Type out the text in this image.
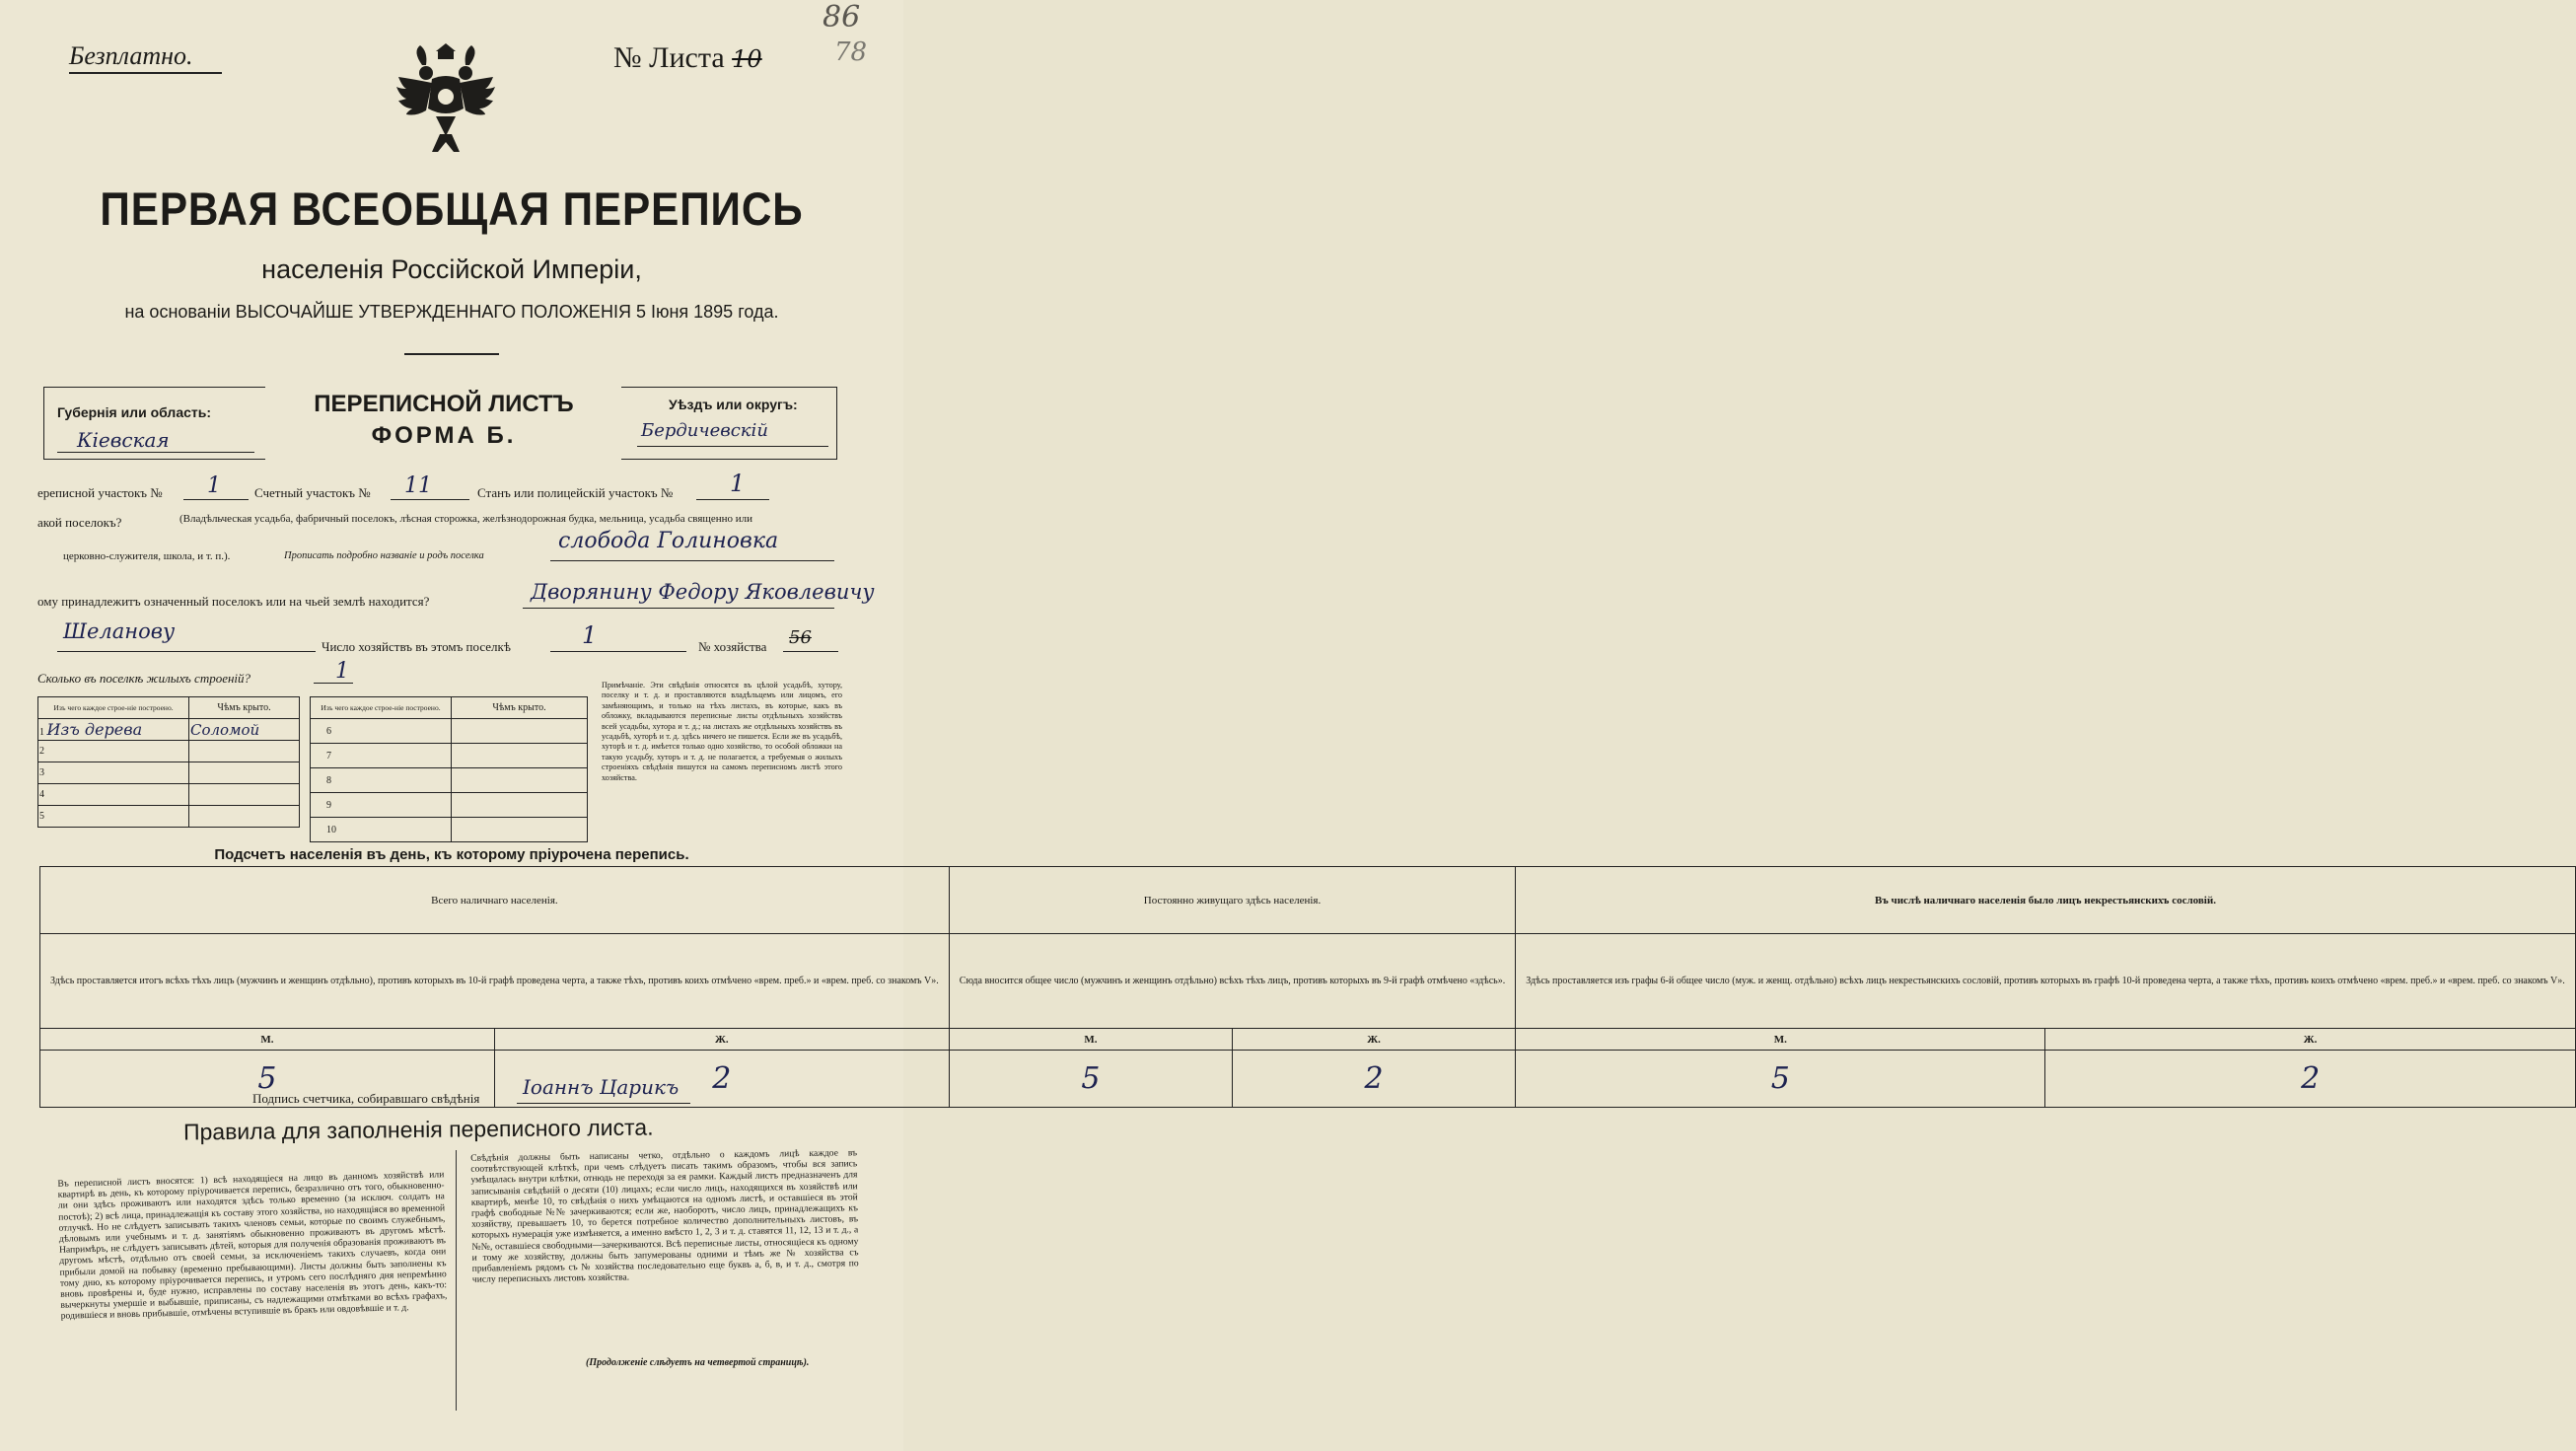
Безплатно.	№ Листа 10
86
78
ПЕРВАЯ ВСЕОБЩАЯ ПЕРЕПИСЬ
населенія Россійской Имперіи,
на основаніи ВЫСОЧАЙШЕ УТВЕРЖДЕННАГО ПОЛОЖЕНІЯ 5 Іюня 1895 года.
Губернія или область:
Кіевская
Уѣздъ или округъ:
Бердичевскій
ПЕРЕПИСНОЙ ЛИСТЪ
ФОРМА Б.
ереписной участокъ № 1	Счетный участокъ № 11	Станъ или полицейскій участокъ № 1
акой поселокъ?	(Владѣльческая усадьба, фабричный поселокъ, лѣсная сторожка, желѣзнодорожная будка, мельница, усадьба священно или
церковно-служителя, школа, и т. п.).	Прописать подробно названіе и родъ поселка
слобода Голиновка
ому принадлежитъ означенный поселокъ или на чьей землѣ находится?	Дворянину Федору Яковлевичу
Шеланову
Число хозяйствъ въ этомъ поселкѣ	1	№ хозяйства 56
Сколько въ поселкѣ жилыхъ строеній?	1
Изъ чего каждое строе-ніе построено.	Чѣмъ крыто.
1 Изъ дерева	Соломой
2	
3	
4	
5	
Изъ чего каждое строе-ніе построено.	Чѣмъ крыто.
6	
7	
8	
9	
10	
Примѣчаніе. Эти свѣдѣнія относятся въ цѣлой усадьбѣ, хутору, поселку и т. д. и проставляются владѣльцемъ или лицомъ, его замѣняющимъ, и только на тѣхъ листахъ, въ которые, какъ въ обложку, вкладываются переписные листы отдѣльныхъ хозяйствъ всей усадьбы, хутора и т. д.; на листахъ же отдѣльныхъ хозяйствъ въ усадьбѣ, хуторѣ и т. д. здѣсь ничего не пишется. Если же въ усадьбѣ, хуторѣ и т. д. имѣется только одно хозяйство, то особой обложки на такую усадьбу, хуторъ и т. д. не полагается, а требуемыя о жилыхъ строеніяхъ свѣдѣнія пишутся на самомъ переписномъ листѣ этого хозяйства.
Подсчетъ населенія въ день, къ которому пріурочена перепись.
Всего наличнаго населенія.		Постоянно живущаго здѣсь населенія.		Въ числѣ наличнаго населенія было лицъ некрестьянскихъ сословій.	
Здѣсь проставляется итогъ всѣхъ тѣхъ лицъ (мужчинъ и женщинъ отдѣльно), противъ которыхъ въ 10-й графѣ проведена черта, а также тѣхъ, противъ коихъ отмѣчено «врем. преб.» и «врем. преб. со знакомъ V».		Сюда вносится общее число (мужчинъ и женщинъ отдѣльно) всѣхъ тѣхъ лицъ, противъ которыхъ въ 9-й графѣ отмѣчено «здѣсь».		Здѣсь проставляется изъ графы 6-й общее число (муж. и женщ. отдѣльно) всѣхъ лицъ некрестьянскихъ сословій, противъ которыхъ въ графѣ 10-й проведена черта, а также тѣхъ, противъ коихъ отмѣчено «врем. преб.» и «врем. преб. со знакомъ V».	
М.	Ж.	М.	Ж.	М.	Ж.
5	2	5	2	5	2
Подпись счетчика, собиравшаго свѣдѣнія Іоаннъ Царикъ
Правила для заполненія переписного листа.
Въ переписной листъ вносятся: 1) всѣ находящіеся на лицо въ данномъ хозяйствѣ или квартирѣ въ день, къ которому пріурочивается перепись, безразлично отъ того, обыкновенно-ли они здѣсь проживаютъ или находятся здѣсь только временно (за исключ. солдатъ на постоѣ); 2) всѣ лица, принадлежащія къ составу этого хозяйства, но находящіяся во временной отлучкѣ. Но не слѣдуетъ записывать такихъ членовъ семьи, которые по своимъ служебнымъ, дѣловымъ или учебнымъ и т. д. занятіямъ обыкновенно проживаютъ въ другомъ мѣстѣ. Напримѣръ, не слѣдуетъ записывать дѣтей, которыя для полученія образованія проживаютъ въ другомъ мѣстѣ, отдѣльно отъ своей семьи, за исключеніемъ такихъ случаевъ, когда они прибыли домой на побывку (временно пребывающими). Листы должны быть заполнены къ тому дню, къ которому пріурочивается перепись, и утромъ сего послѣдняго дня непремѣнно вновь провѣрены и, буде нужно, исправлены по составу населенія въ этотъ день, какъ-то: вычеркнуты умершіе и выбывшіе, приписаны, съ надлежащими отмѣтками во всѣхъ графахъ, родившіеся и вновь прибывшіе, отмѣчены вступившіе въ бракъ или овдовѣвшіе и т. д.
Свѣдѣнія должны быть написаны четко, отдѣльно о каждомъ лицѣ каждое въ соотвѣтствующей клѣткѣ, при чемъ слѣдуетъ писать такимъ образомъ, чтобы вся запись умѣщалась внутри клѣтки, отнюдь не переходя за ея рамки. Каждый листъ предназначенъ для записыванія свѣдѣній о десяти (10) лицахъ; если число лицъ, находящихся въ хозяйствѣ или квартирѣ, менѣе 10, то свѣдѣнія о нихъ умѣщаются на одномъ листѣ, и оставшіеся въ этой графѣ свободные №№ зачеркиваются; если же, наоборотъ, число лицъ, принадлежащихъ къ хозяйству, превышаетъ 10, то берется потребное количество дополнительныхъ листовъ, въ которыхъ нумерація уже измѣняется, а именно вмѣсто 1, 2, 3 и т. д. ставятся 11, 12, 13 и т. д., а №№, оставшіеся свободными—зачеркиваются. Всѣ переписные листы, относящіеся къ одному и тому же хозяйству, должны быть запумерованы одними и тѣмъ же № хозяйства съ прибавленіемъ рядомъ съ № хозяйства последовательно еще буквъ а, б, в, и т. д., смотря по числу переписныхъ листовъ хозяйства.
(Продолженіе слѣдуетъ на четвертой страницѣ).
